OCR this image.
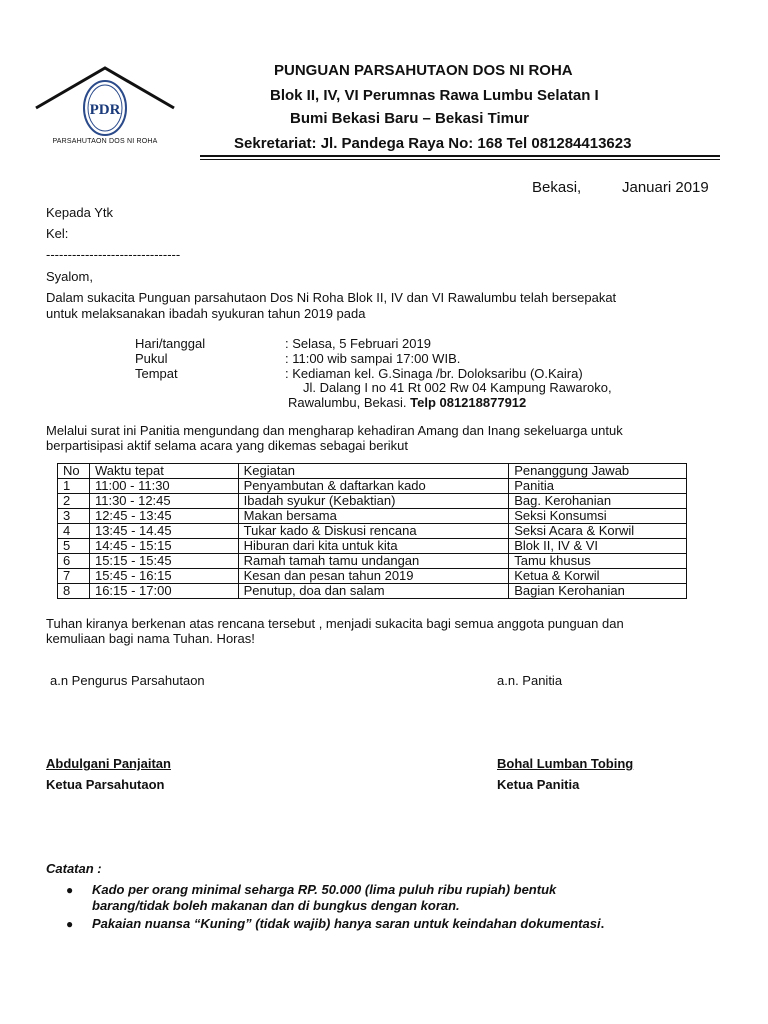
PDR
PARSAHUTAON DOS NI ROHA
PUNGUAN PARSAHUTAON DOS NI ROHA
Blok II, IV, VI Perumnas Rawa Lumbu Selatan I
Bumi Bekasi Baru – Bekasi Timur
Sekretariat: Jl. Pandega Raya No: 168 Tel 081284413623
Bekasi,	Januari 2019
Kepada Ytk
Kel:
-------------------------------
Syalom,
Dalam sukacita Punguan parsahutaon Dos Ni Roha Blok II, IV dan VI Rawalumbu telah bersepakat
untuk melaksanakan ibadah syukuran tahun 2019 pada
Hari/tanggal	: Selasa, 5 Februari 2019
Pukul	: 11:00 wib sampai 17:00 WIB.
Tempat	: Kediaman kel. G.Sinaga /br. Doloksaribu (O.Kaira)
Jl. Dalang I no 41 Rt 002 Rw 04 Kampung Rawaroko,
Rawalumbu, Bekasi. Telp 081218877912
Melalui surat ini Panitia mengundang dan mengharap kehadiran Amang dan Inang sekeluarga untuk
berpartisipasi aktif selama acara yang dikemas sebagai berikut
No	Waktu tepat	Kegiatan	Penanggung Jawab
1	11:00 - 11:30	Penyambutan & daftarkan kado	Panitia
2	11:30 - 12:45	Ibadah syukur (Kebaktian)	Bag. Kerohanian
3	12:45 - 13:45	Makan bersama	Seksi Konsumsi
4	13:45 - 14.45	Tukar kado & Diskusi rencana	Seksi Acara & Korwil
5	14:45 - 15:15	Hiburan dari kita untuk kita	Blok II, IV & VI
6	15:15 - 15:45	Ramah tamah tamu undangan	Tamu khusus
7	15:45 - 16:15	Kesan dan pesan tahun 2019	Ketua & Korwil
8	16:15 - 17:00	Penutup, doa dan salam	Bagian Kerohanian
Tuhan kiranya berkenan atas rencana tersebut , menjadi sukacita bagi semua anggota punguan dan
kemuliaan bagi nama Tuhan. Horas!
a.n Pengurus Parsahutaon	a.n. Panitia
Abdulgani Panjaitan
Ketua Parsahutaon
Bohal Lumban Tobing
Ketua Panitia
Catatan :
● Kado per orang minimal seharga RP. 50.000 (lima puluh ribu rupiah) bentuk
barang/tidak boleh makanan dan di bungkus dengan koran.
● Pakaian nuansa “Kuning” (tidak wajib) hanya saran untuk keindahan dokumentasi.
